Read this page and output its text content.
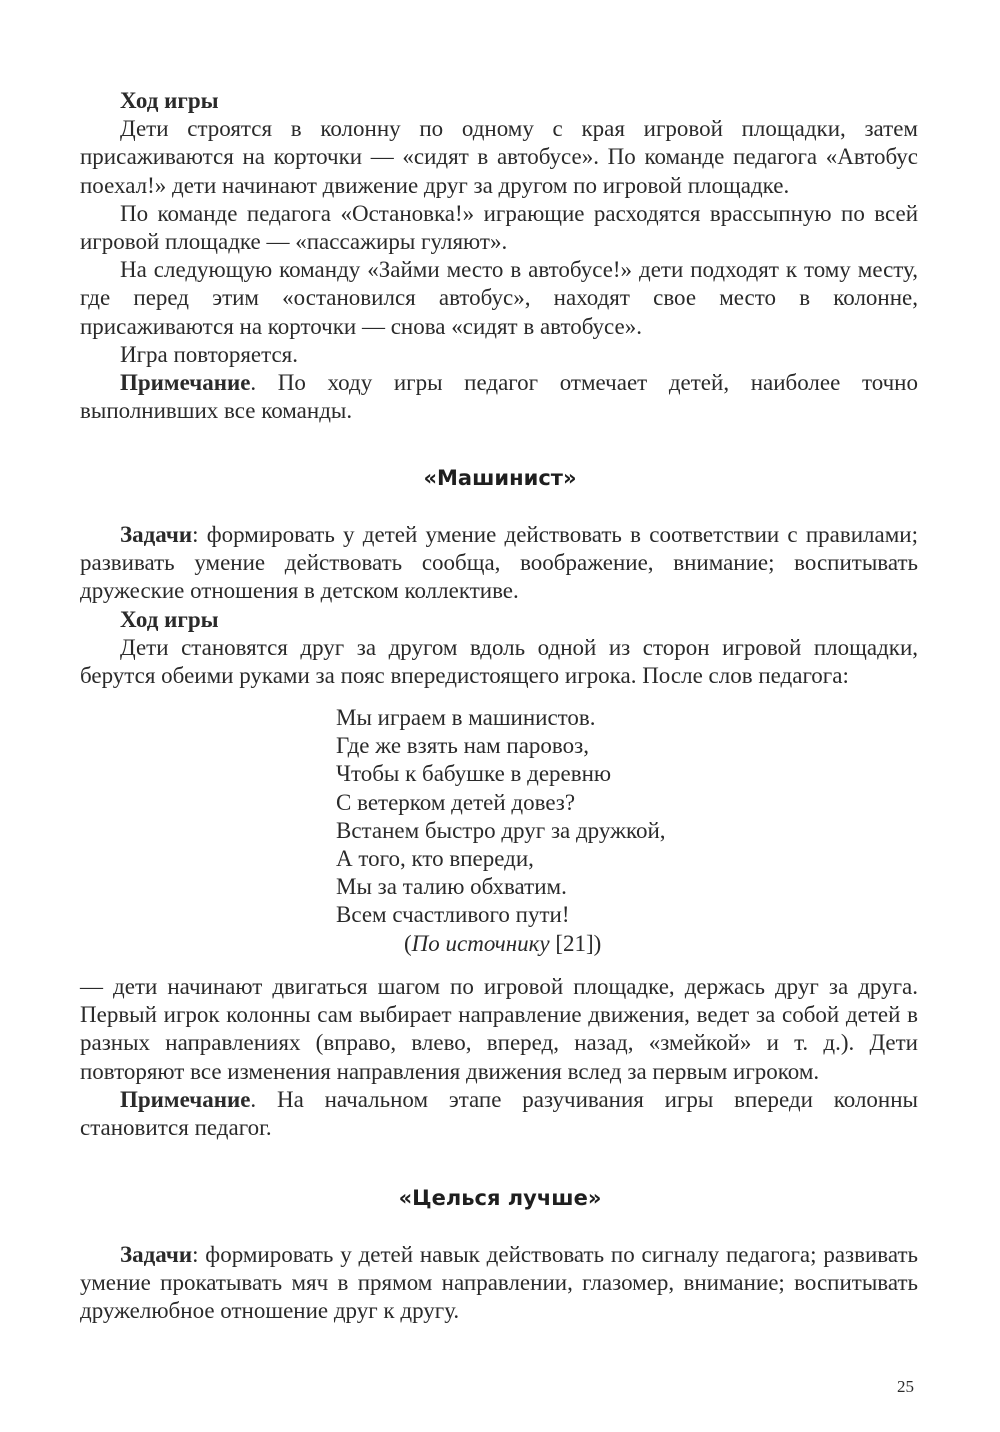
Ход игры

Дети строятся в колонну по одному с края игровой площадки, затем присаживаются на корточки — «сидят в автобусе». По команде педагога «Автобус поехал!» дети начинают движение друг за другом по игровой площадке.

По команде педагога «Остановка!» играющие расходятся врассыпную по всей игровой площадке — «пассажиры гуляют».

На следующую команду «Займи место в автобусе!» дети подходят к тому месту, где перед этим «остановился автобус», находят свое место в колонне, присаживаются на корточки — снова «сидят в автобусе».

Игра повторяется.

Примечание. По ходу игры педагог отмечает детей, наиболее точно выполнивших все команды.

«Машинист»

Задачи: формировать у детей умение действовать в соответствии с правилами; развивать умение действовать сообща, воображение, внимание; воспитывать дружеские отношения в детском коллективе.

Ход игры

Дети становятся друг за другом вдоль одной из сторон игровой площадки, берутся обеими руками за пояс впередистоящего игрока. После слов педагога:

Мы играем в машинистов.
Где же взять нам паровоз,
Чтобы к бабушке в деревню
С ветерком детей довез?
Встанем быстро друг за дружкой,
А того, кто впереди,
Мы за талию обхватим.
Всем счастливого пути!
(По источнику [21])

— дети начинают двигаться шагом по игровой площадке, держась друг за друга. Первый игрок колонны сам выбирает направление движения, ведет за собой детей в разных направлениях (вправо, влево, вперед, назад, «змейкой» и т. д.). Дети повторяют все изменения направления движения вслед за первым игроком.

Примечание. На начальном этапе разучивания игры впереди колонны становится педагог.

«Целься лучше»

Задачи: формировать у детей навык действовать по сигналу педагога; развивать умение прокатывать мяч в прямом направлении, глазомер, внимание; воспитывать дружелюбное отношение друг к другу.

25
